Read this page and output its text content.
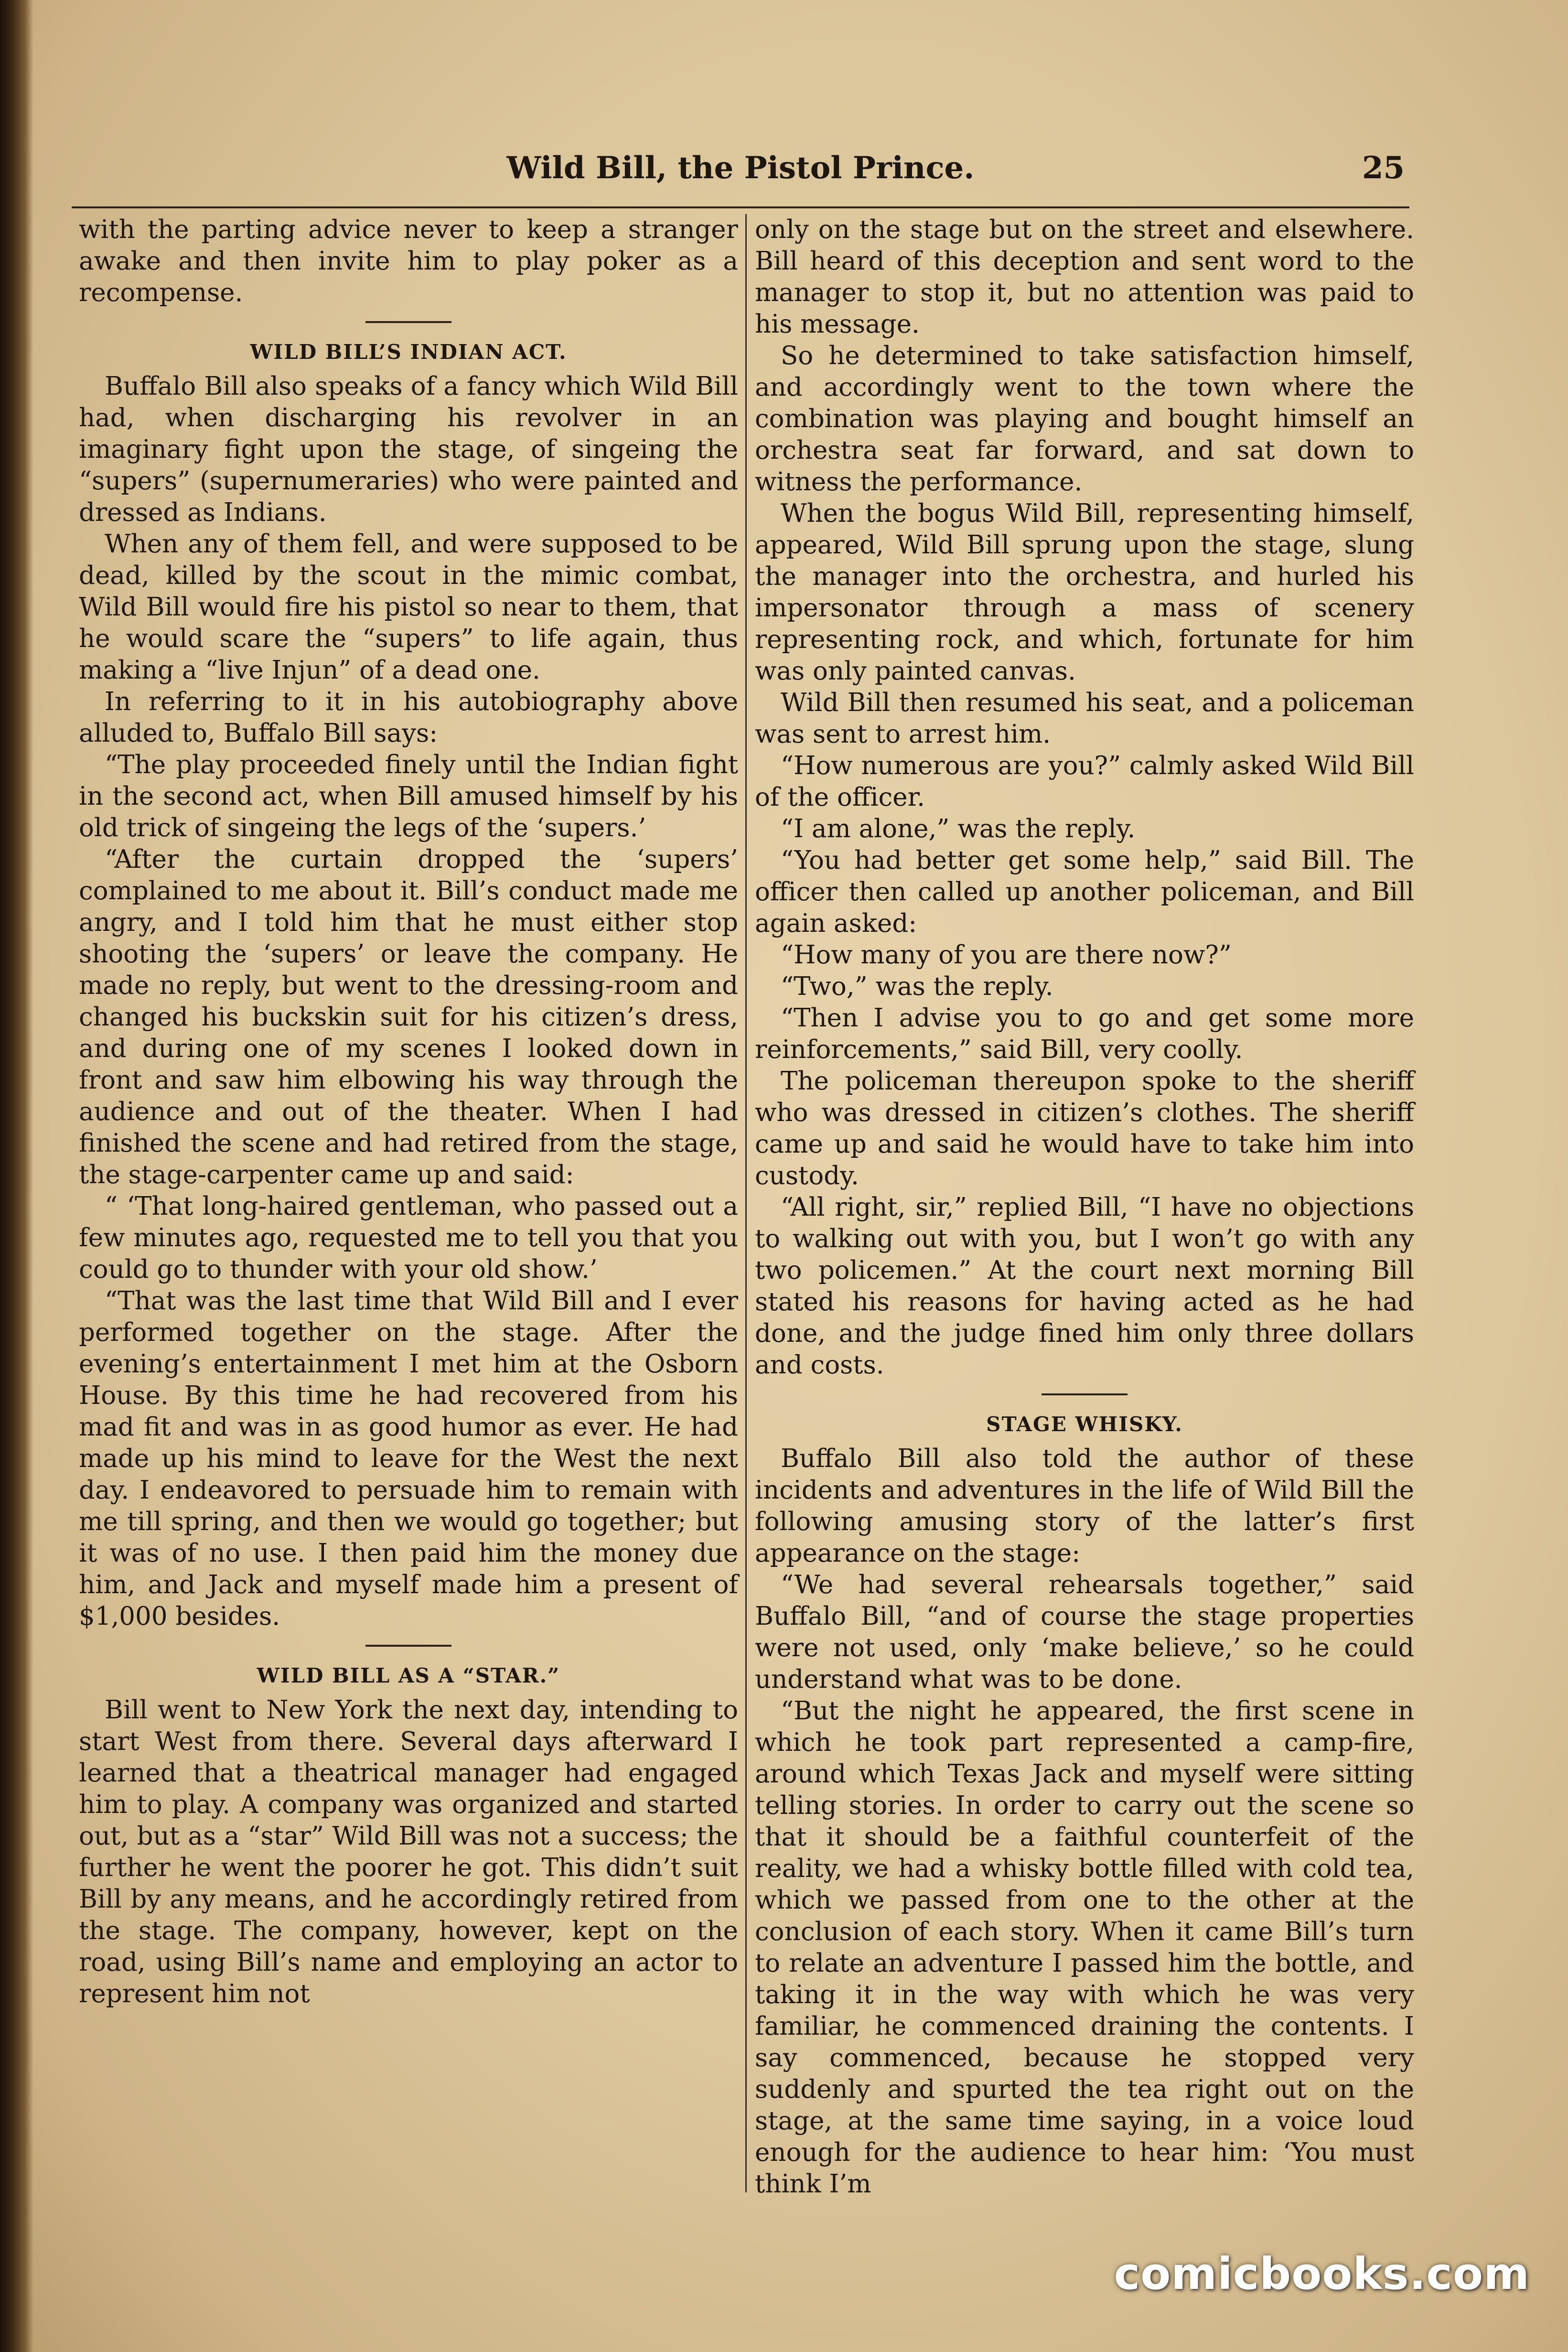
Wild Bill, the Pistol Prince.	25

with the parting advice never to keep a stranger awake and then invite him to play poker as a recompense.

WILD BILL’S INDIAN ACT.

Buffalo Bill also speaks of a fancy which Wild Bill had, when discharging his revolver in an imaginary fight upon the stage, of singeing the “supers” (supernumeraries) who were painted and dressed as Indians.

When any of them fell, and were supposed to be dead, killed by the scout in the mimic combat, Wild Bill would fire his pistol so near to them, that he would scare the “supers” to life again, thus making a “live Injun” of a dead one.

In referring to it in his autobiography above alluded to, Buffalo Bill says:

“The play proceeded finely until the Indian fight in the second act, when Bill amused himself by his old trick of singeing the legs of the ‘supers.’

“After the curtain dropped the ‘supers’ complained to me about it. Bill’s conduct made me angry, and I told him that he must either stop shooting the ‘supers’ or leave the company. He made no reply, but went to the dressing-room and changed his buckskin suit for his citizen’s dress, and during one of my scenes I looked down in front and saw him elbowing his way through the audience and out of the theater. When I had finished the scene and had retired from the stage, the stage-carpenter came up and said:

“ ‘That long-haired gentleman, who passed out a few minutes ago, requested me to tell you that you could go to thunder with your old show.’

“That was the last time that Wild Bill and I ever performed together on the stage. After the evening’s entertainment I met him at the Osborn House. By this time he had recovered from his mad fit and was in as good humor as ever. He had made up his mind to leave for the West the next day. I endeavored to persuade him to remain with me till spring, and then we would go together; but it was of no use. I then paid him the money due him, and Jack and myself made him a present of $1,000 besides.

WILD BILL AS A “STAR.”

Bill went to New York the next day, intending to start West from there. Several days afterward I learned that a theatrical manager had engaged him to play. A company was organized and started out, but as a “star” Wild Bill was not a success; the further he went the poorer he got. This didn’t suit Bill by any means, and he accordingly retired from the stage. The company, however, kept on the road, using Bill’s name and employing an actor to represent him not

only on the stage but on the street and elsewhere. Bill heard of this deception and sent word to the manager to stop it, but no attention was paid to his message.

So he determined to take satisfaction himself, and accordingly went to the town where the combination was playing and bought himself an orchestra seat far forward, and sat down to witness the performance.

When the bogus Wild Bill, representing himself, appeared, Wild Bill sprung upon the stage, slung the manager into the orchestra, and hurled his impersonator through a mass of scenery representing rock, and which, fortunate for him was only painted canvas.

Wild Bill then resumed his seat, and a policeman was sent to arrest him.

“How numerous are you?” calmly asked Wild Bill of the officer.

“I am alone,” was the reply.

“You had better get some help,” said Bill. The officer then called up another policeman, and Bill again asked:

“How many of you are there now?”

“Two,” was the reply.

“Then I advise you to go and get some more reinforcements,” said Bill, very coolly.

The policeman thereupon spoke to the sheriff who was dressed in citizen’s clothes. The sheriff came up and said he would have to take him into custody.

“All right, sir,” replied Bill, “I have no objections to walking out with you, but I won’t go with any two policemen.” At the court next morning Bill stated his reasons for having acted as he had done, and the judge fined him only three dollars and costs.

STAGE WHISKY.

Buffalo Bill also told the author of these incidents and adventures in the life of Wild Bill the following amusing story of the latter’s first appearance on the stage:

“We had several rehearsals together,” said Buffalo Bill, “and of course the stage properties were not used, only ‘make believe,’ so he could understand what was to be done.

“But the night he appeared, the first scene in which he took part represented a camp-fire, around which Texas Jack and myself were sitting telling stories. In order to carry out the scene so that it should be a faithful counterfeit of the reality, we had a whisky bottle filled with cold tea, which we passed from one to the other at the conclusion of each story. When it came Bill’s turn to relate an adventure I passed him the bottle, and taking it in the way with which he was very familiar, he commenced draining the contents. I say commenced, because he stopped very suddenly and spurted the tea right out on the stage, at the same time saying, in a voice loud enough for the audience to hear him: ‘You must think I’m

comicbooks.com
